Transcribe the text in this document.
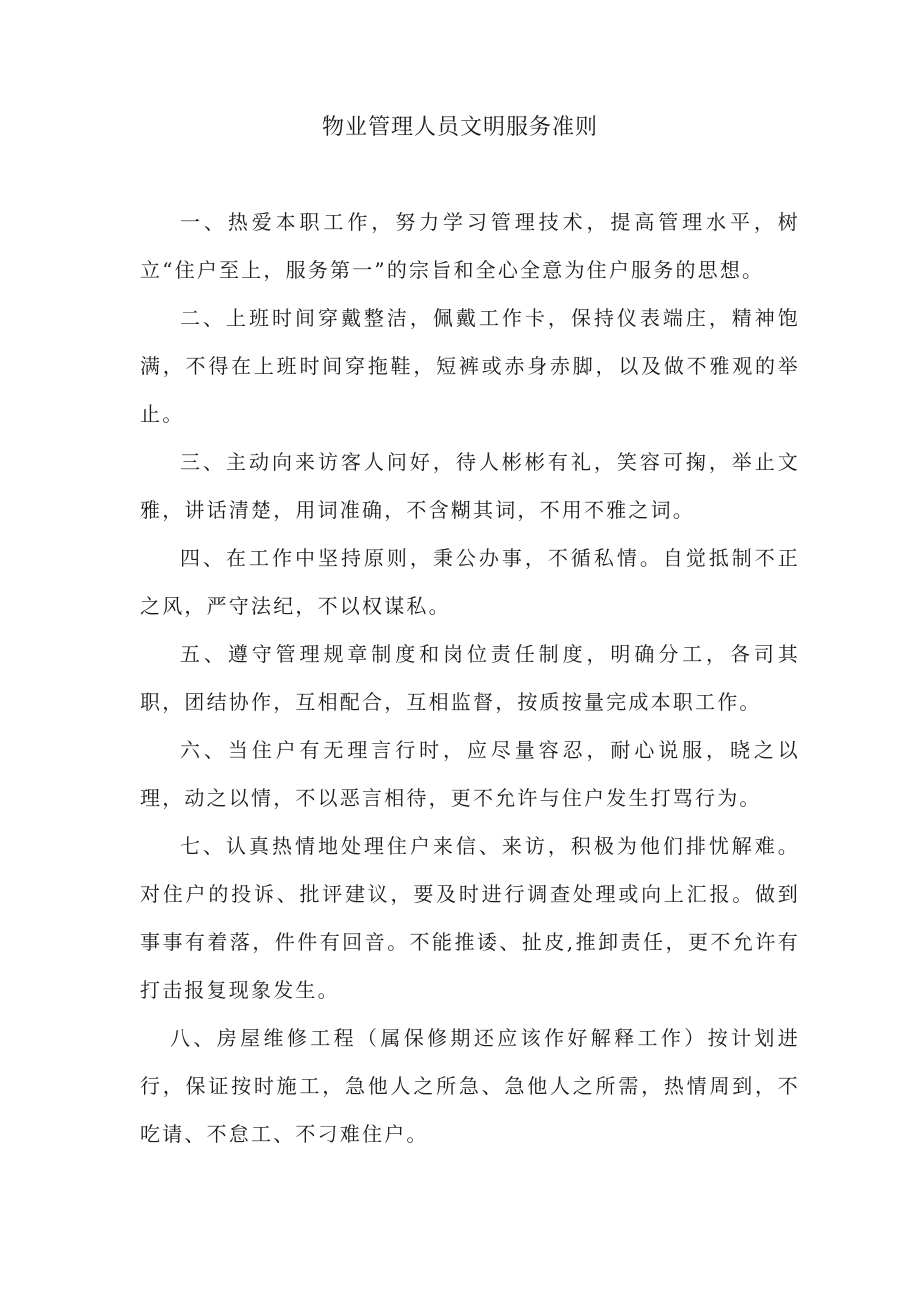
物业管理人员文明服务准则

一、热爱本职工作，努力学习管理技术，提高管理水平，树立“住户至上，服务第一”的宗旨和全心全意为住户服务的思想。

二、上班时间穿戴整洁，佩戴工作卡，保持仪表端庄，精神饱满，不得在上班时间穿拖鞋，短裤或赤身赤脚，以及做不雅观的举止。

三、主动向来访客人问好，待人彬彬有礼，笑容可掬，举止文雅，讲话清楚，用词准确，不含糊其词，不用不雅之词。

四、在工作中坚持原则，秉公办事，不循私情。自觉抵制不正之风，严守法纪，不以权谋私。

五、遵守管理规章制度和岗位责任制度，明确分工，各司其职，团结协作，互相配合，互相监督，按质按量完成本职工作。

六、当住户有无理言行时，应尽量容忍，耐心说服，晓之以理，动之以情，不以恶言相待，更不允许与住户发生打骂行为。

七、认真热情地处理住户来信、来访，积极为他们排忧解难。对住户的投诉、批评建议，要及时进行调查处理或向上汇报。做到事事有着落，件件有回音。不能推诿、扯皮,推卸责任，更不允许有打击报复现象发生。

八、房屋维修工程（属保修期还应该作好解释工作）按计划进行，保证按时施工，急他人之所急、急他人之所需，热情周到，不吃请、不怠工、不刁难住户。
